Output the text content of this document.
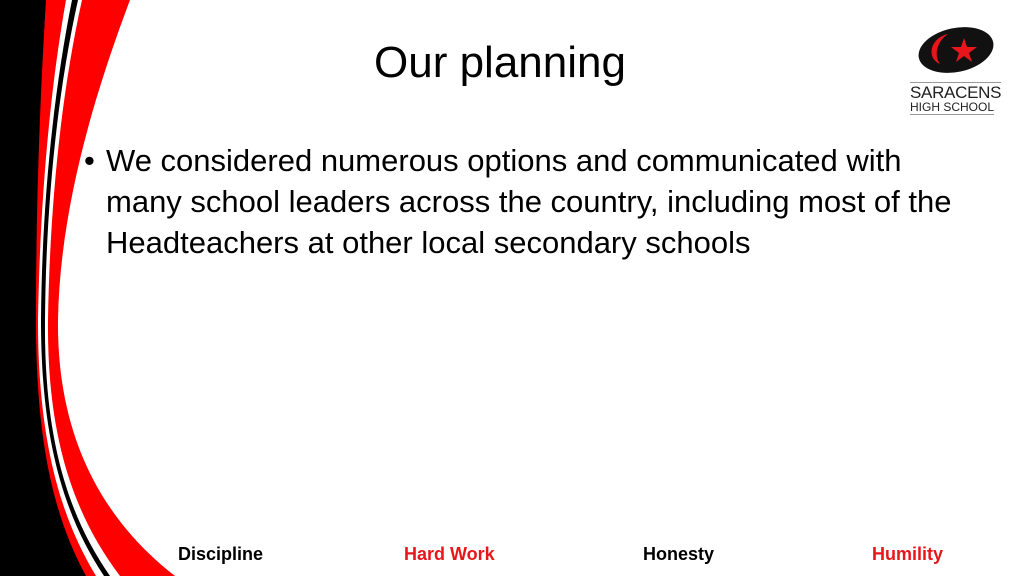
Our planning
SARACENS
HIGH SCHOOL
• We considered numerous options and communicated with many school leaders across the country, including most of the Headteachers at other local secondary schools
Discipline	Hard Work	Honesty	Humility
